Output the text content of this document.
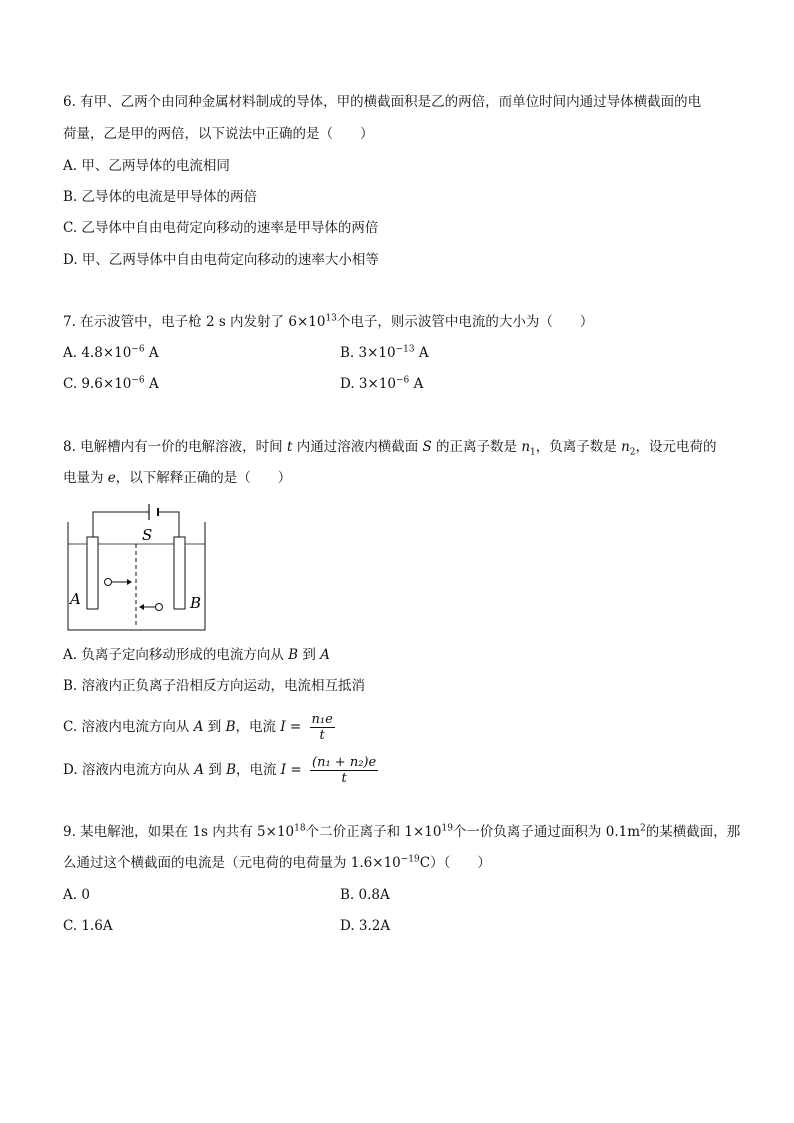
6. 有甲、乙两个由同种金属材料制成的导体，甲的横截面积是乙的两倍，而单位时间内通过导体横截面的电
荷量，乙是甲的两倍，以下说法中正确的是（　　）
A. 甲、乙两导体的电流相同
B. 乙导体的电流是甲导体的两倍
C. 乙导体中自由电荷定向移动的速率是甲导体的两倍
D. 甲、乙两导体中自由电荷定向移动的速率大小相等
7. 在示波管中，电子枪 2 s 内发射了 $6\times 10^{13}$个电子，则示波管中电流的大小为（　　）
A. $4.8\times 10^{-6}$ A	B. $3\times 10^{-13}$ A
C. $9.6\times 10^{-6}$ A	D. $3\times 10^{-6}$ A
8. 电解槽内有一价的电解溶液，时间 t 内通过溶液内横截面 S 的正离子数是 $n_1$，负离子数是 $n_2$，设元电荷的
电量为 e，以下解释正确的是（　　）
A	B
S
A. 负离子定向移动形成的电流方向从 B 到 A
B. 溶液内正负离子沿相反方向运动，电流相互抵消
C. 溶液内电流方向从 A 到 B，电流 $I = \frac{\text{n₁e}}{t}$
D. 溶液内电流方向从 A 到 B，电流 $I = \frac{\text{(n₁ + n₂)e}}{t}$
9. 某电解池，如果在 1s 内共有 $5\times 10^{18}$个二价正离子和 $1\times 10^{19}$个一价负离子通过面积为 $0.1m^2$的某横截面，那
么通过这个横截面的电流是（元电荷的电荷量为 $1.6\times 10^{-19}C$）（　　）
A. 0	B. 0.8A
C. 1.6A	D. 3.2A
